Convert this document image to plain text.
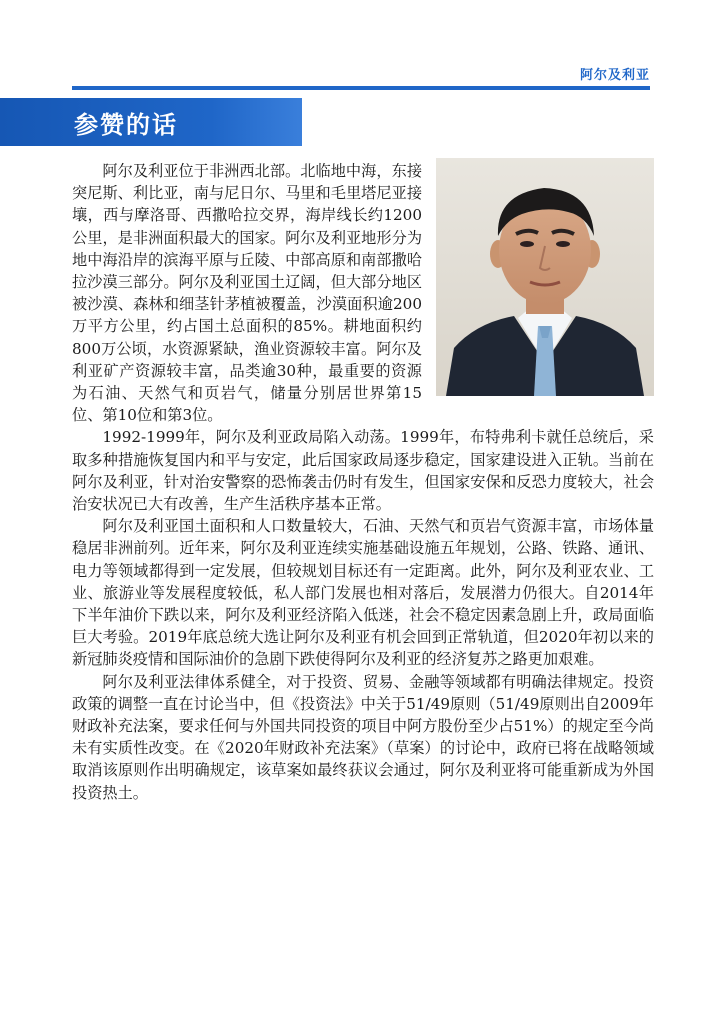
阿尔及利亚
参赞的话

阿尔及利亚位于非洲西北部。北临地中海，东接突尼斯、利比亚，南与尼日尔、马里和毛里塔尼亚接壤，西与摩洛哥、西撒哈拉交界，海岸线长约1200公里，是非洲面积最大的国家。阿尔及利亚地形分为地中海沿岸的滨海平原与丘陵、中部高原和南部撒哈拉沙漠三部分。阿尔及利亚国土辽阔，但大部分地区被沙漠、森林和细茎针茅植被覆盖，沙漠面积逾200万平方公里，约占国土总面积的85%。耕地面积约800万公顷，水资源紧缺，渔业资源较丰富。阿尔及利亚矿产资源较丰富，品类逾30种，最重要的资源为石油、天然气和页岩气，储量分别居世界第15位、第10位和第3位。

1992-1999年，阿尔及利亚政局陷入动荡。1999年，布特弗利卡就任总统后，采取多种措施恢复国内和平与安定，此后国家政局逐步稳定，国家建设进入正轨。当前在阿尔及利亚，针对治安警察的恐怖袭击仍时有发生，但国家安保和反恐力度较大，社会治安状况已大有改善，生产生活秩序基本正常。

阿尔及利亚国土面积和人口数量较大，石油、天然气和页岩气资源丰富，市场体量稳居非洲前列。近年来，阿尔及利亚连续实施基础设施五年规划，公路、铁路、通讯、电力等领域都得到一定发展，但较规划目标还有一定距离。此外，阿尔及利亚农业、工业、旅游业等发展程度较低，私人部门发展也相对落后，发展潜力仍很大。自2014年下半年油价下跌以来，阿尔及利亚经济陷入低迷，社会不稳定因素急剧上升，政局面临巨大考验。2019年底总统大选让阿尔及利亚有机会回到正常轨道，但2020年初以来的新冠肺炎疫情和国际油价的急剧下跌使得阿尔及利亚的经济复苏之路更加艰难。

阿尔及利亚法律体系健全，对于投资、贸易、金融等领域都有明确法律规定。投资政策的调整一直在讨论当中，但《投资法》中关于51/49原则（51/49原则出自2009年财政补充法案，要求任何与外国共同投资的项目中阿方股份至少占51%）的规定至今尚未有实质性改变。在《2020年财政补充法案》（草案）的讨论中，政府已将在战略领域取消该原则作出明确规定，该草案如最终获议会通过，阿尔及利亚将可能重新成为外国投资热土。
